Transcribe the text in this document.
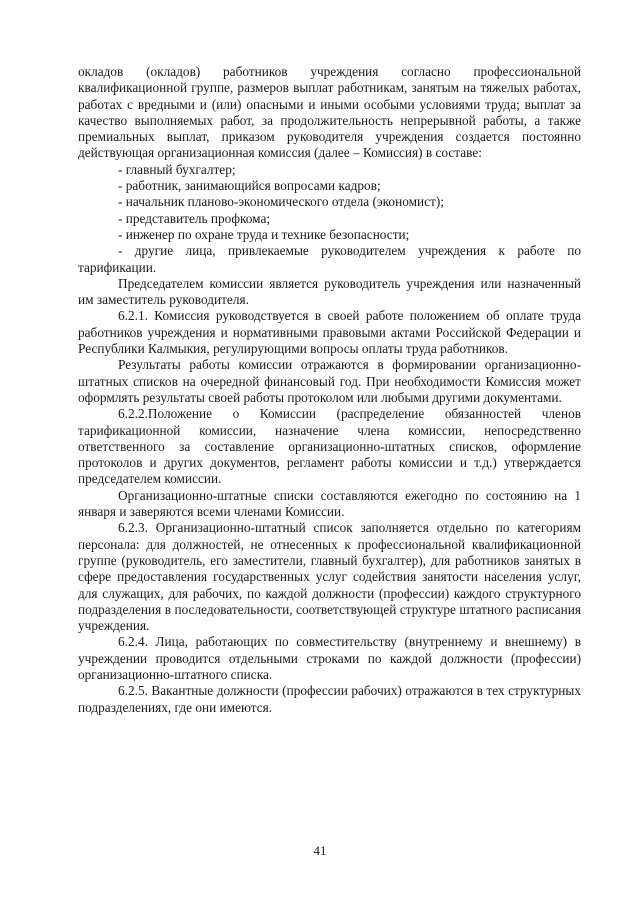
окладов (окладов) работников учреждения согласно профессиональной квалификационной группе, размеров выплат работникам, занятым на тяжелых работах, работах с вредными и (или) опасными и иными особыми условиями труда; выплат за качество выполняемых работ, за продолжительность непрерывной работы, а также премиальных выплат, приказом руководителя учреждения создается постоянно действующая организационная комиссия (далее – Комиссия) в составе:

- главный бухгалтер;

- работник, занимающийся вопросами кадров;

- начальник планово-экономического отдела (экономист);

- представитель профкома;

- инженер по охране труда и технике безопасности;

- другие лица, привлекаемые руководителем учреждения к работе по тарификации.

Председателем комиссии является руководитель учреждения или назначенный им заместитель руководителя.

6.2.1. Комиссия руководствуется в своей работе положением об оплате труда работников учреждения и нормативными правовыми актами Российской Федерации и Республики Калмыкия, регулирующими вопросы оплаты труда работников.

Результаты работы комиссии отражаются в формировании организационно-штатных списков на очередной финансовый год. При необходимости Комиссия может оформлять результаты своей работы протоколом или любыми другими документами.

6.2.2.Положение о Комиссии (распределение обязанностей членов тарификационной комиссии, назначение члена комиссии, непосредственно ответственного за составление организационно-штатных списков, оформление протоколов и других документов, регламент работы комиссии и т.д.) утверждается председателем комиссии.

Организационно-штатные списки составляются ежегодно по состоянию на 1 января и заверяются всеми членами Комиссии.

6.2.3. Организационно-штатный список заполняется отдельно по категориям персонала: для должностей, не отнесенных к профессиональной квалификационной группе (руководитель, его заместители, главный бухгалтер), для работников занятых в сфере предоставления государственных услуг содействия занятости населения услуг, для служащих, для рабочих, по каждой должности (профессии) каждого структурного подразделения в последовательности, соответствующей структуре штатного расписания учреждения.

6.2.4. Лица, работающих по совместительству (внутреннему и внешнему) в учреждении проводится отдельными строками по каждой должности (профессии) организационно-штатного списка.

6.2.5. Вакантные должности (профессии рабочих) отражаются в тех структурных подразделениях, где они имеются.

41
